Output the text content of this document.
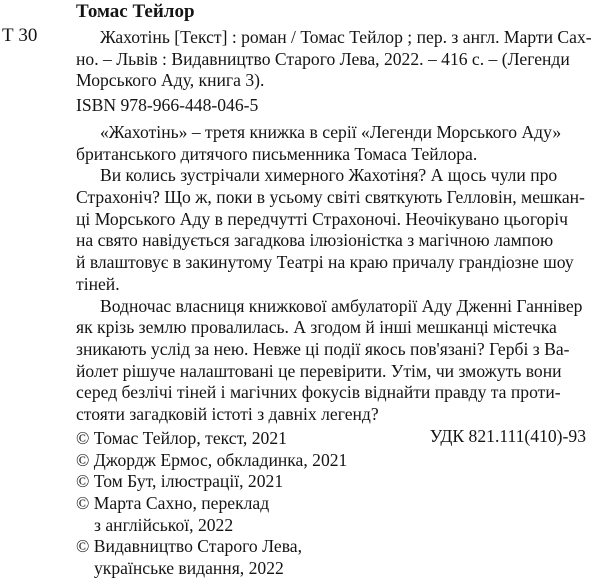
Томас Тейлор
Т 30	Жахотінь [Текст] : роман / Томас Тейлор ; пер. з англ. Марти Сах-
но. – Львів : Видавництво Старого Лева, 2022. – 416 с. – (Легенди
Морського Аду, книга 3).
ISBN 978-966-448-046-5
«Жахотінь» – третя книжка в серії «Легенди Морського Аду»
британського дитячого письменника Томаса Тейлора.
Ви колись зустрічали химерного Жахотіня? А щось чули про
Страхоніч? Що ж, поки в усьому світі святкують Гелловін, мешкан-
ці Морського Аду в передчутті Страхоночі. Неочікувано цьогоріч
на свято навідується загадкова ілюзіоністка з магічною лампою
й влаштовує в закинутому Театрі на краю причалу грандіозне шоу
тіней.
Водночас власниця книжкової амбулаторії Аду Дженні Ганнівер
як крізь землю провалилась. А згодом й інші мешканці містечка
зникають услід за нею. Невже ці події якось пов'язані? Гербі з Ва-
йолет рішуче налаштовані це перевірити. Утім, чи зможуть вони
серед безлічі тіней і магічних фокусів віднайти правду та проти-
стояти загадковій істоті з давніх легенд?
УДК 821.111(410)-93
© Томас Тейлор, текст, 2021
© Джордж Ермос, обкладинка, 2021
© Том Бут, ілюстрації, 2021
© Марта Сахно, переклад
з англійської, 2022
© Видавництво Старого Лева,
українське видання, 2022
